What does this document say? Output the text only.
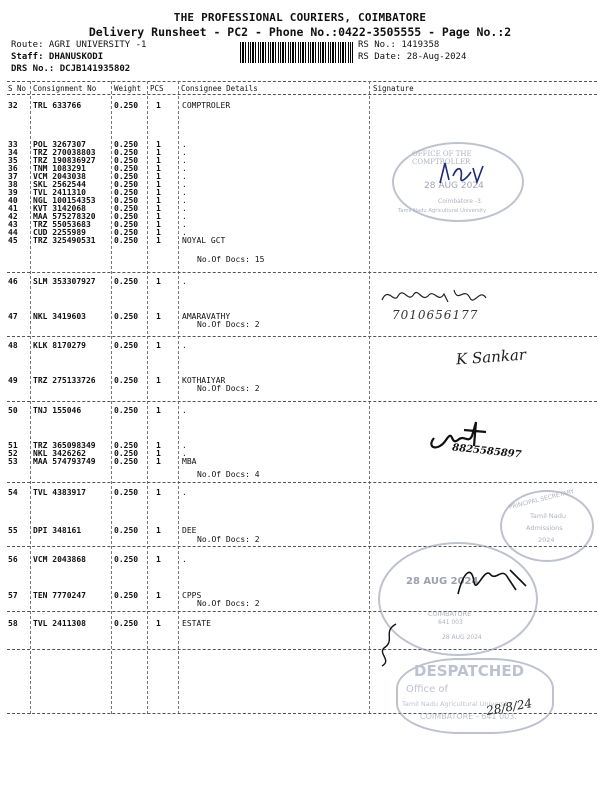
THE PROFESSIONAL COURIERS, COIMBATORE
Delivery Runsheet - PC2 - Phone No.:0422-3505555 - Page No.:2
Route: AGRI UNIVERSITY -1
Staff: DHANUSKODI
DRS No.: DCJB141935802
RS No.: 1419358
RS Date: 28-Aug-2024
S No Consignment No Weight PCS Consignee Details	Signature
32 TRL 633766	0.250 1	COMPTROLER
33 POL 3267307	0.250 1	.
34 TRZ 270038803 0.250 1	.
35 TRZ 190836927 0.250 1	.
36 TNM 1083291	0.250 1	.
37 VCM 2043038	0.250 1	.
38 SKL 2562544	0.250 1	.
39 TVL 2411310	0.250 1	.
40 NGL 100154353 0.250 1	.
41 KVT 3142068	0.250 1	.
42 MAA 575278320 0.250 1	.
43 TRZ 55053683	0.250 1	.
44 CUD 2255989	0.250 1	.
45 TRZ 325490531 0.250 1	NOYAL GCT
46 SLM 353307927 0.250 1	.
47 NKL 3419603	0.250 1	AMARAVATHY
48 KLK 8170279	0.250 1	.
49 TRZ 275133726 0.250 1	KOTHAIYAR
50 TNJ 155046	0.250 1	.
51 TRZ 365098349 0.250 1	.
52 NKL 3426262	0.250 1	.
53 MAA 574793749 0.250 1	MBA
54 TVL 4383917	0.250 1	.
55 DPI 348161	0.250 1	DEE
56 VCM 2043868	0.250 1	.
57 TEN 7770247	0.250 1	CPPS
58 TVL 2411308	0.250 1	ESTATE
No.Of Docs: 15
No.Of Docs: 2
No.Of Docs: 2
No.Of Docs: 4
No.Of Docs: 2
No.Of Docs: 2
OFFICE OF THE COMPTROLLER
28 AUG 2024
Coimbatore -3.
Tamil Nadu Agricultural University
7010656177
K Sankar
8825585897
PRINCIPAL SECRETARY
Tamil Nadu
Admissions
2024
28 AUG 2024
COIMBATORE
641 003
28 AUG 2024
DESPATCHED
Office of
Tamil Nadu Agricultural University
COIMBATORE - 641 003.
28/8/24
